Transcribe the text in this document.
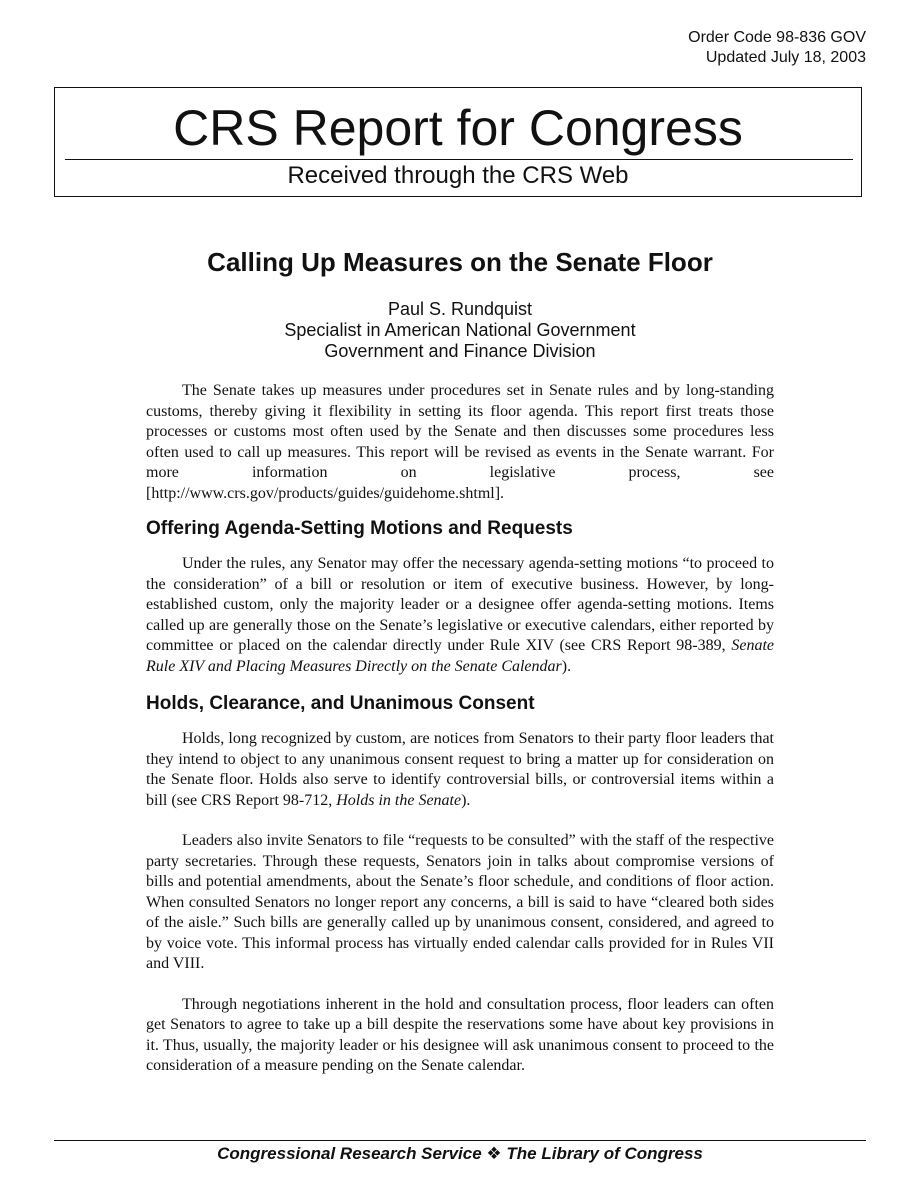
Order Code 98-836 GOV
Updated July 18, 2003
CRS Report for Congress
Received through the CRS Web
Calling Up Measures on the Senate Floor
Paul S. Rundquist
Specialist in American National Government
Government and Finance Division

The Senate takes up measures under procedures set in Senate rules and by long-standing customs, thereby giving it flexibility in setting its floor agenda. This report first treats those processes or customs most often used by the Senate and then discusses some procedures less often used to call up measures. This report will be revised as events in the Senate warrant. For more information on legislative process, see [http://www.crs.gov/products/guides/guidehome.shtml].

Offering Agenda-Setting Motions and Requests

Under the rules, any Senator may offer the necessary agenda-setting motions “to proceed to the consideration” of a bill or resolution or item of executive business. However, by long-established custom, only the majority leader or a designee offer agenda-setting motions. Items called up are generally those on the Senate’s legislative or executive calendars, either reported by committee or placed on the calendar directly under Rule XIV (see CRS Report 98-389, Senate Rule XIV and Placing Measures Directly on the Senate Calendar).

Holds, Clearance, and Unanimous Consent

Holds, long recognized by custom, are notices from Senators to their party floor leaders that they intend to object to any unanimous consent request to bring a matter up for consideration on the Senate floor. Holds also serve to identify controversial bills, or controversial items within a bill (see CRS Report 98-712, Holds in the Senate).

Leaders also invite Senators to file “requests to be consulted” with the staff of the respective party secretaries. Through these requests, Senators join in talks about compromise versions of bills and potential amendments, about the Senate’s floor schedule, and conditions of floor action. When consulted Senators no longer report any concerns, a bill is said to have “cleared both sides of the aisle.” Such bills are generally called up by unanimous consent, considered, and agreed to by voice vote. This informal process has virtually ended calendar calls provided for in Rules VII and VIII.

Through negotiations inherent in the hold and consultation process, floor leaders can often get Senators to agree to take up a bill despite the reservations some have about key provisions in it. Thus, usually, the majority leader or his designee will ask unanimous consent to proceed to the consideration of a measure pending on the Senate calendar.

Congressional Research Service ❖ The Library of Congress
